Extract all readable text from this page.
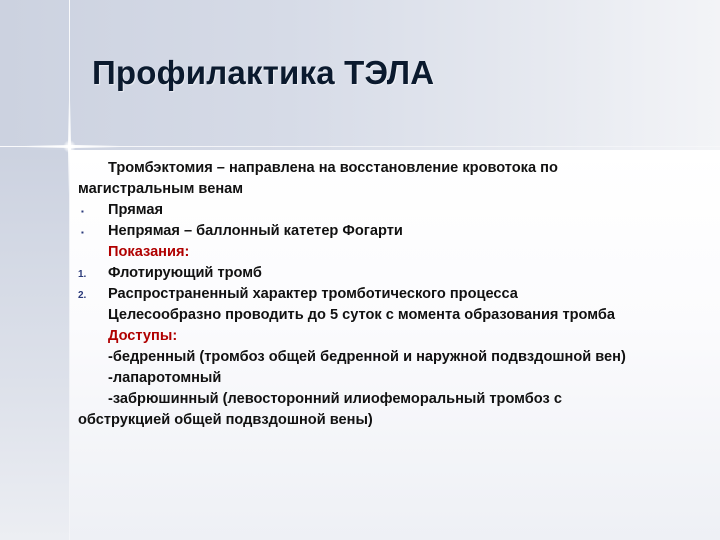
Профилактика ТЭЛА
Тромбэктомия – направлена на восстановление кровотока по
магистральным венам
▪	Прямая
▪	Непрямая – баллонный катетер Фогарти
Показания:
1.	Флотирующий тромб
2.	Распространенный характер тромботического процесса
Целесообразно проводить до 5 суток с момента образования тромба
Доступы:
-бедренный (тромбоз общей бедренной и наружной подвздошной вен)
-лапаротомный
-забрюшинный (левосторонний илиофеморальный тромбоз с
обструкцией общей подвздошной вены)
